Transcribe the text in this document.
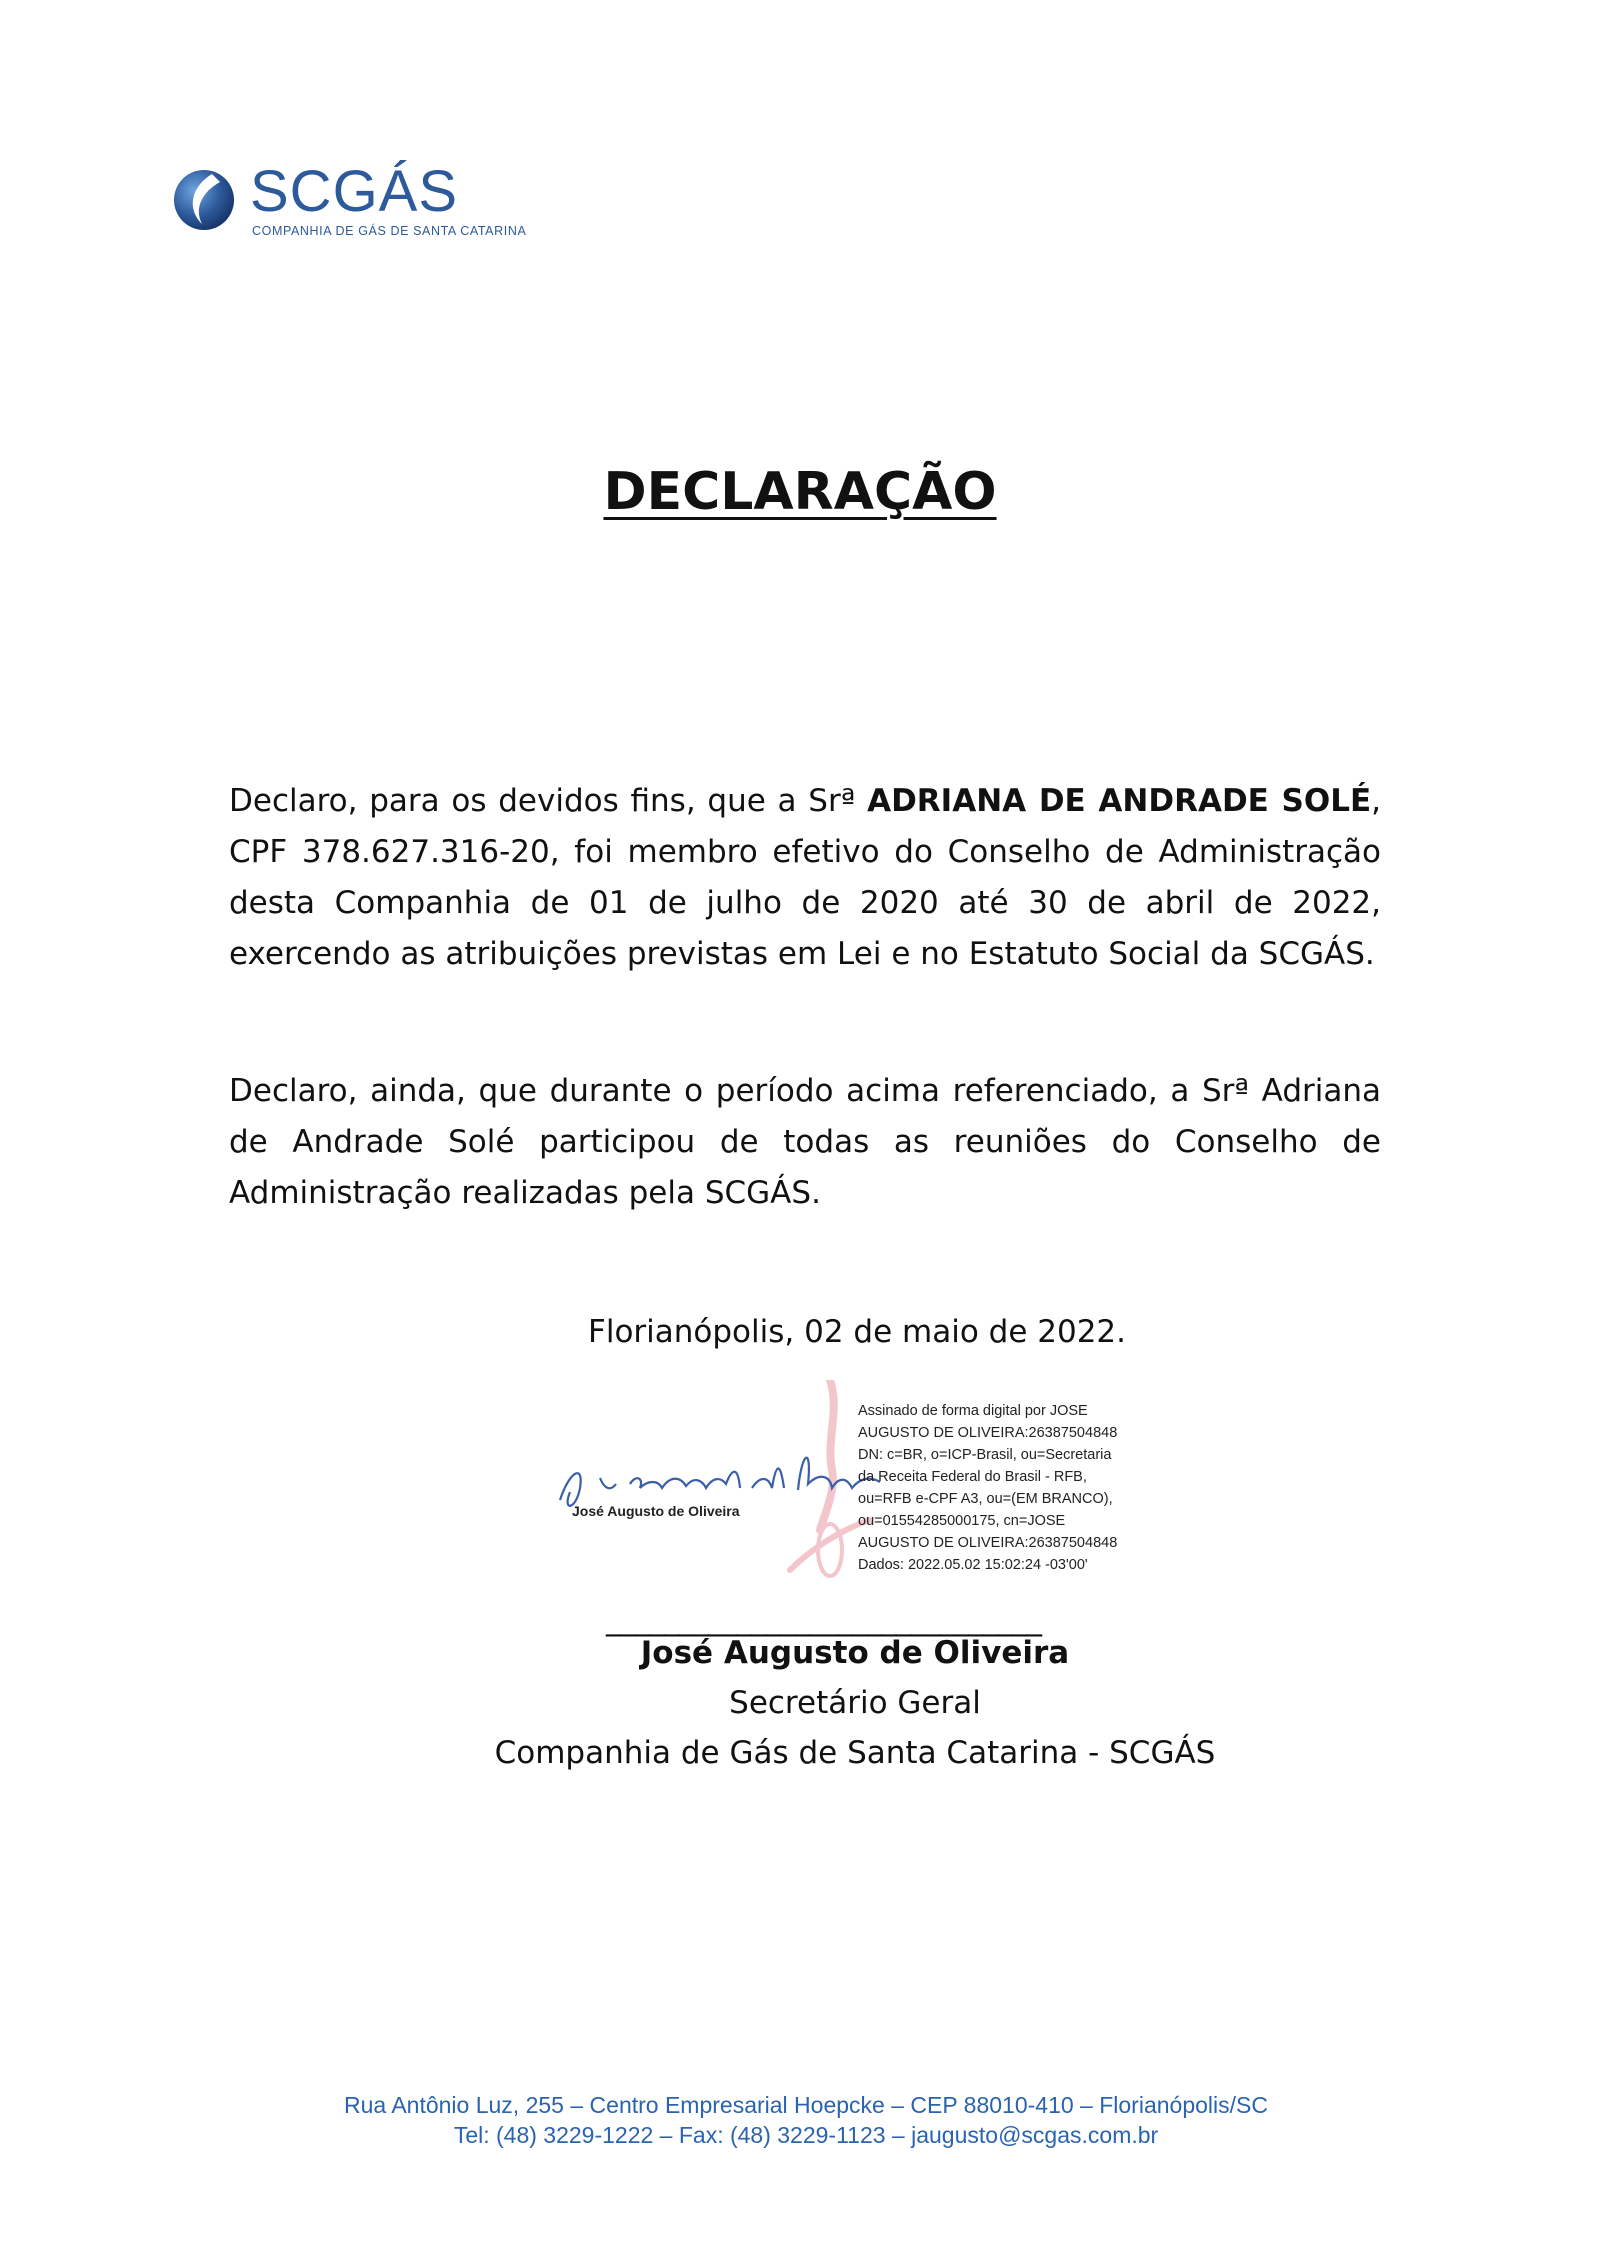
SCGÁS
COMPANHIA DE GÁS DE SANTA CATARINA
DECLARAÇÃO
Declaro, para os devidos fins, que a Srª ADRIANA DE ANDRADE SOLÉ, CPF 378.627.316-20, foi membro efetivo do Conselho de Administração desta Companhia de 01 de julho de 2020 até 30 de abril de 2022, exercendo as atribuições previstas em Lei e no Estatuto Social da SCGÁS.
Declaro, ainda, que durante o período acima referenciado, a Srª Adriana de Andrade Solé participou de todas as reuniões do Conselho de Administração realizadas pela SCGÁS.
Florianópolis, 02 de maio de 2022.
José Augusto de Oliveira
Assinado de forma digital por JOSE
AUGUSTO DE OLIVEIRA:26387504848
DN: c=BR, o=ICP-Brasil, ou=Secretaria
da Receita Federal do Brasil - RFB,
ou=RFB e-CPF A3, ou=(EM BRANCO),
ou=01554285000175, cn=JOSE
AUGUSTO DE OLIVEIRA:26387504848
Dados: 2022.05.02 15:02:24 -03'00'
______________________________
José Augusto de Oliveira
Secretário Geral
Companhia de Gás de Santa Catarina - SCGÁS
Rua Antônio Luz, 255 – Centro Empresarial Hoepcke – CEP 88010-410 – Florianópolis/SC
Tel: (48) 3229-1222 – Fax: (48) 3229-1123 – jaugusto@scgas.com.br
